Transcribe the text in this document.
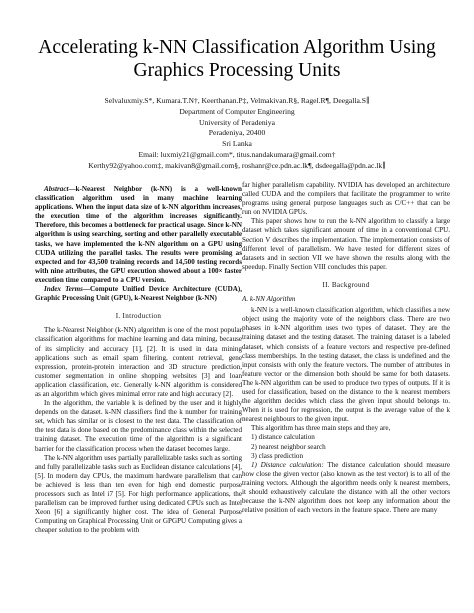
Accelerating k-NN Classification Algorithm Using
Graphics Processing Units
Selvaluxmiy.S*, Kumara.T.N†, Keerthanan.P‡, Velmakivan.R§, Ragel.R¶, Deegalla.S∥
Department of Computer Engineering
University of Peradeniya
Peradeniya, 20400
Sri Lanka
Email: luxmiy21@gmail.com*, titus.nandakumara@gmail.com†
Kerthy92@yahoo.com‡, makivan8@gmail.com§, roshanr@ce.pdn.ac.lk¶, dsdeegalla@pdn.ac.lk∥

Abstract—k-Nearest Neighbor (k-NN) is a well-known classification algorithm used in many machine learning applications. When the input data size of k-NN algorithm increases, the execution time of the algorithm increases significantly. Therefore, this becomes a bottleneck for practical usage. Since k-NN algorithm is using searching, sorting and other parallelly executable tasks, we have implemented the k-NN algorithm on a GPU using CUDA utilizing the parallel tasks. The results were promising as expected and for 43,500 training records and 14,500 testing records with nine attributes, the GPU execution showed about a 100× faster execution time compared to a CPU version.

Index Terms—Compute Unified Device Architecture (CUDA), Graphic Processing Unit (GPU), k-Nearest Neighbor (k-NN)

I. Introduction

The k-Nearest Neighbor (k-NN) algorithm is one of the most popular classification algorithms for machine learning and data mining, because of its simplicity and accuracy [1], [2]. It is used in data mining applications such as email spam filtering, content retrieval, gene expression, protein-protein interaction and 3D structure prediction, customer segmentation in online shopping websites [3] and loan application classification, etc. Generally k-NN algorithm is considered as an algorithm which gives minimal error rate and high accuracy [2].

In the algorithm, the variable k is defined by the user and it highly depends on the dataset. k-NN classifiers find the k number for training set, which has similar or is closest to the test data. The classification of the test data is done based on the predominance class within the selected training dataset. The execution time of the algorithm is a significant barrier for the classification process when the dataset becomes large.

The k-NN algorithm uses partially parallelizable tasks such as sorting and fully parallelizable tasks such as Euclidean distance calculations [4], [5]. In modern day CPUs, the maximum hardware parallelism that can be achieved is less than ten even for high end domestic purpose processors such as Intel i7 [5]. For high performance applications, the parallelism can be improved further using dedicated CPUs such as Intel Xeon [6] a significantly higher cost. The idea of General Purpose Computing on Graphical Processing Unit or GPGPU Computing gives a cheaper solution to the problem with

far higher parallelism capability. NVIDIA has developed an architecture called CUDA and the compilers that facilitate the programmer to write programs using general purpose languages such as C/C++ that can be run on NVIDIA GPUs.

This paper shows how to run the k-NN algorithm to classify a large dataset which takes significant amount of time in a conventional CPU. Section V describes the implementation. The implementation consists of different level of parallelism. We have tested for different sizes of datasets and in section VII we have shown the results along with the speedup. Finally Section VIII concludes this paper.

II. Background
A. k-NN Algorithm

k-NN is a well-known classification algorithm, which classifies a new object using the majority vote of the neighbors class. There are two phases in k-NN algorithm uses two types of dataset. They are the training dataset and the testing dataset. The training dataset is a labeled dataset, which consists of a feature vectors and respective pre-defined class memberships. In the testing dataset, the class is undefined and the input consists with only the feature vectors. The number of attributes in feature vector or the dimension both should be same for both datasets. The k-NN algorithm can be used to produce two types of outputs. If it is used for classification, based on the distance to the k nearest members the algorithm decides which class the given input should belongs to. When it is used for regression, the output is the average value of the k nearest neighbours to the given input.

This algorithm has three main steps and they are,

1) distance calculation
2) nearest neighbor search
3) class prediction

1) Distance calculation: The distance calculation should measure how close the given vector (also known as the test vector) is to all of the training vectors. Although the algorithm needs only k nearest members, it should exhaustively calculate the distance with all the other vectors because the k-NN algorithm does not keep any information about the relative position of each vectors in the feature space. There are many
